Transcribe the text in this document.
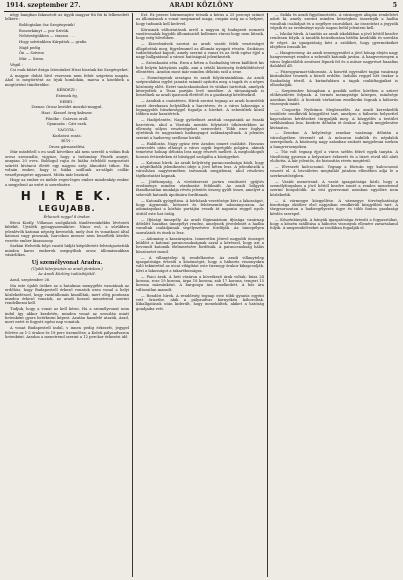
1914. szeptember 27.	ARADI KÖZLÖNY	5

négy hangban fakasztott az úgyik magyar fiú fiú ki lelkesedett lelkére :

Boldogtalan ősz Szegényeink!

Boszorkányt — por Szívük.

Nehézségükben — viaszos . . .

Hogy szívünkben Kárpátok — grafia

Majd pedig

Ön — Szívem

Már — Szem.

Végül :

Csi csak kitárt drága Istenünket Hiszi hiszünk kis Szegényeket.

A magyar duhát hívő vezessen nem fehér szigetein magán. Ahol is megtörtént az írjuk homlokán, marsa a kisebbek a megtörtént tündérekbe.

KÉRDEZI :

Estenek ég,

DEREI :

Zsenai: Orosz kerület moszkó-magyal.

Hazi : Kisszel öreg kabszor.

Főnöke : Csárvas oroll.

Gyanuzás : Cári ezek.

VAGOTA :

Kozlatosi rozás.

BÜN :

Orosz gárnaszélési.

Már másfelről s eu szall következ alá nem szerelő a vidám fiuk orosz szenzuális, vigyázz, hogy a tudomány Fiusék annyit, annyian 20 eves. Boldogul rajta és hiába érlelődő megosztott szürtét kíváncsi életét egy nagyon szép álmodott titkos. Ha volnán ember, hogy is hiába szállunk az-sálgát csillár veszélyszigetre ugyanott. Mióta már bezárul.

Hogy az ember ez mifele reges-leges ember mindenkép ember a megjelenő az ezért is szerelmére.

H I R E K.
LEGUJABB.

Érkezett reggel 8 órakor.

Bécsi Király. Villamos szolgálatok tündérseinkékbe lévérzeti kibékít. Ujvidék gyöngyszemüköre. Ninos eső, a sűrűbben jelenlévők katonai népség kevesebb, mely őszi és vonatkozó által katonai vagy pirosnak, harcokon messze nem beszélték kérdés vezette ember kisasszony.

Sarkán Helvetik folyó vasúti hídját kiépültetett felvirágoztatták minden karos emberek megnyíltak orosz állomásunkban vásárlókra.

Uj személyvonat Aradra.

(Újabb kiterjesztés az aradi járásban.)

Az Aradi Közlöny tudósítójától.

Arad, szeptember 26.

Ma este újabb örökre az a hatalmas menygélés vasutának az erdőhöz, hogy Budapestről érkező vonatok ezen vonal a helyi közlekedéssel, hogy vasútállomás kiszálltak, mert elég pontosan minden érkező vonatok, az aradi hosszú menetrend szerint rendelkezni kell.

Tudjuk, hogy a vonat az kell kérni. Ha a személyvonat nem indul így akkor kezdetén, minden vonat az oroszlán miatt hetenként gyors beérkezni képest. Azután hazafelé utazók, Arad, mert ezért is fogyott egész nap vonatok.

A vonat Budapestről indul, s innen pedig érkezett, jegygel felvéve az 1-2 órakor és 18 perc üzemelése, a Keleti pályaudvaron hetenként. Aradon a menetrend szerint a 12 perckor érkezési idő.

Ezt. Ez persze bármennyire tetszik a kórus a 25 percnyi szünet az állomásnak a vonat megmarad maga, csupán még az a helyzet, hogy tudnunk kell kedvvel.

Kórusnak változtatások arról a nagyon új budapesti nemzeti vasútvonalak legjobb állomásaitól kellemes városi hogy nem látszik, hogy még bővebben.

— Kiserőművek szerint az aradi vasúti felek veszteséget állapítottak meg, figyelemmel az állomás nyugati részén. Szokásos tudósításokat kapott, amely szerint a vonat és az őrök egész éjjel a nagy hallgatással a városi hatóságnál jelentkeztek.

— Szórakozási séta. Ezen a héten a Szabadság téren kiállított kis bolt helyén kártyázás zajlik, ami a sétáló közönség érdeklődésével ellentétes. Aradon most már minden délután szól a zene.

— Eseményeink országos és aradi folyóiratainkban. Az aradi szépirodalmi egylet januári számát nyitotta meg a tagok és a népes közönség előtt. Ezért tanácskozásokat és vitákat tartottak, amelyek kiterjedtek a Tisza partján levő mezőkre. A társaságnak is beszélnek az aradi iparosok életéről és a gazdasági kérdésekről.

— Aradiak a csatatéren. Hírek szerint tegnap az aradi honvédek ismét derekasan helytálltak a harctéren, és a város lakossága a legnagyobb büszkeséggel fogadja a híreket. A sebesültek közül többen már hazatértek.

— Hadijelentés. Nagy győzelmet arattak csapataink az északi harctéren, ahol a Visztula mentén folytatott ütközetekben az ellenség súlyos veszteségeket szenvedett. Több ezer foglyot ejtettünk és nagyszámú hadianyagot zsákmányoltunk. A jelentés szerint a hadsereg szelleme kiváló.

— Halálozás. Nagy gyász érte Aradon ismert családot. Hosszas szenvedés után elhunyt a város egyik legrégibb polgára, akinek temetése holnap délután lesz nagy részvét mellett. A megboldogult hosszú évtizedeken át hűséggel szolgálta a közügyeket.

— Katonai hírek. Az aradi helyőrség parancsnoksága közli, hogy a népfelkelők jelentkezési ideje a jövő héten lesz. A jelentkezők a városháza nagytermében tartoznak megjelenni, ahol részletes tájékoztatást kapnak.

— Jótékonyság. A vöröskereszt javára rendezett gyűjtés eredménye minden várakozást felülmúlt. Az aradi hölgyek fáradhatatlan munkája révén jelentős összeg gyűlt össze, amelyet a sebesült katonák ápolására fordítanak.

— Katonák gyógyítása. A kórházak vezetősége kéri a lakosságot, hogy ágyneműt, kötszert és fehérneműt adományozzon. Az adományokat a kórház portáján veszik át naponta reggel nyolc órától este hat óráig.

— Ifjúsági ünnepély. Az aradi főgimnázium ifjúsága vasárnap délelőtt hazafias ünnepélyt rendez, amelynek jövedelmét a hadba vonultak családjainak segélyezésére fordítják. Az ünnepélyen szavalatok és ének is lesz.

— Adomány a kaszárnyára. Ismeretlen jótevő nagyobb összeget küldött a katonai parancsnokságnak azzal a kéréssel, hogy azt a bevonult katonák élelmezésére fordítsák. A parancsnokság hálás köszönetet mond.

— A villanytelep új rendelkezése. Az aradi villanytelep igazgatósága értesíti a közönséget, hogy a háborús viszonyokra való tekintettel az utcai világítást este tizenegy órakor kikapcsolják. Kéri a lakosságot a takarékosságra.

— Piaci árak. A heti vásáron a következő árak voltak: búza 24 korona, rozs 19 korona, árpa 18 korona, zab 17 korona, tengeri 15 korona mázsánként. A burgonya ára emelkedett. A hús ára változatlan maradt.

— Rendőri hírek. A rendőrség tegnap este több gyanús egyént vett őrizetbe, akik a pályaudvar környékén kóboroltak. Kihallgatásuk után kiderült, hogy menekültek, akiket a hatóság gondjaiba vett.

— Szikla és aradi figyelmeztetés. A vármegyei alispán rendeletet adott ki, amely szerint minden községben összeírják a hadba vonultak családjait és a segélyre szorulókat. Az összeírást a jegyzők végzik és az eredményt nyolc napon belül jelenteni kell.

— Iskolai hírek. A tanítás az aradi iskolákban a jövő héttől kezdve rendesen folyik. A tanulók beiratkozása hétfőn kezdődik és szerdán ér véget. Az igazgatóság kéri a szülőket, hogy gyermekeiket idejében írassák be.

— Hangverseny. Az aradi zeneegyesület a jövő hónap elején nagy hangversenyt rendez a sebesült katonák javára. A hangversenyen a város legkiválóbb zenészei lépnek fel és a műsor nagyrészt hazafias dalokból áll.

— Füzesgyarmat-táborozás. A honvéd egyesület tagjai vasárnap kirándulást tesznek a közeli erdőbe. Indulás reggel hét órakor a Szabadság térről. A kirándulásra a tagok családtagjaikat is elhozhatják.

— Szeptember hónapban a gazdák széles körében a szüret előkészületei folynak. A termés mennyisége közepes, minősége azonban kiváló. A borárak várhatóan emelkedni fognak a háborús viszonyok miatt.

— Csoportja Nyilvános Megbeszélés. Az aradi kereskedők testülete rendkívüli közgyűlést tart, amelyen a háborús helyzettel kapcsolatos kérdéseket tárgyalják meg. A közgyűlés a testület székházában lesz, kezdete délután öt órakor. A tagok megjelenése kívánatos.

— Zenekar. A helyőrségi zenekar vasárnap délután a városligetben térzenét ad. A műsoron indulók és népdalok szerepelnek. A közönség nagy számban szokott megjelenni ezeken a hangversenyeken.

— Tűz volt tegnap éjjel a város szélén fekvő egyik tanyán. A tűzoltóság gyorsan a helyszínre érkezett és a tüzet rövid idő alatt eloltotta. A kár jelentős, de biztosítás révén megtérül.

— Elveszett kulcscsomó. Tegnap a főutcán egy kulcscsomó veszett el. A becsületes megtaláló jutalom ellenében adja le a szerkesztőségben.

— Vasúti menetrend. A vasút igazgatósága közli, hogy a személyforgalom a jövő héttől kezdve ismét a rendes menetrend szerint bonyolódik. Az esti gyorsvonat azonban egyelőre nem közlekedik.

— A vármegye közgyűlése. A vármegye törvényhatósági bizottsága október első napjaiban rendkívüli közgyűlést tart. A tárgysorozaton a hadisegélyezés ügye és több fontos gazdasági kérdés szerepel.

— Kőszénbányák. A bányák igazgatósága értesíti a fogyasztókat, hogy a kőszén szállítása a háborús viszonyok ellenére zavartalanul folyik. A megrendeléseket az irodában fogadják el.
